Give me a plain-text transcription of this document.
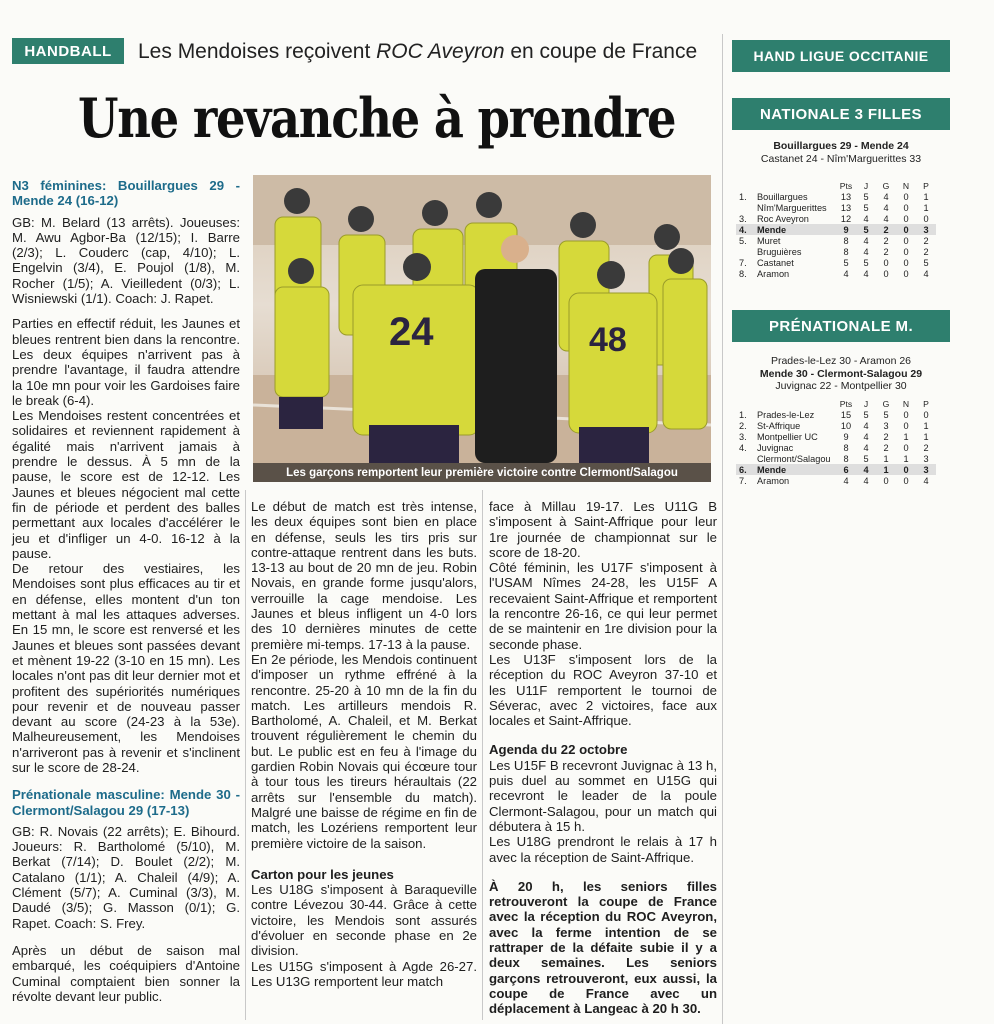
HANDBALL	Les Mendoises reçoivent ROC Aveyron en coupe de France
Une revanche à prendre

N3 féminines: Bouillargues 29 - Mende 24 (16-12)

GB: M. Belard (13 arrêts). Joueuses: M. Awu Agbor-Ba (12/15); I. Barre (2/3); L. Couderc (cap, 4/10); L. Engelvin (3/4), E. Poujol (1/8), M. Rocher (1/5); A. Vieilledent (0/3); L. Wisniewski (1/1). Coach: J. Rapet.

Parties en effectif réduit, les Jaunes et bleues rentrent bien dans la rencontre. Les deux équipes n'arrivent pas à prendre l'avantage, il faudra attendre la 10e mn pour voir les Gardoises faire le break (6-4).

Les Mendoises restent concentrées et solidaires et reviennent rapidement à égalité mais n'arrivent jamais à prendre le dessus. À 5 mn de la pause, le score est de 12-12. Les Jaunes et bleues négocient mal cette fin de période et perdent des balles permettant aux locales d'accélérer le jeu et d'infliger un 4-0. 16-12 à la pause.

De retour des vestiaires, les Mendoises sont plus efficaces au tir et en défense, elles montent d'un ton mettant à mal les attaques adverses. En 15 mn, le score est renversé et les Jaunes et bleues sont passées devant et mènent 19-22 (3-10 en 15 mn). Les locales n'ont pas dit leur dernier mot et profitent des supériorités numériques pour revenir et de nouveau passer devant au score (24-23 à la 53e). Malheureusement, les Mendoises n'arriveront pas à revenir et s'inclinent sur le score de 28-24.

Prénationale masculine: Mende 30 - Clermont/Salagou 29 (17-13)

GB: R. Novais (22 arrêts); E. Bihourd. Joueurs: R. Bartholomé (5/10), M. Berkat (7/14); D. Boulet (2/2); M. Catalano (1/1); A. Chaleil (4/9); A. Clément (5/7); A. Cuminal (3/3), M. Daudé (3/5); G. Masson (0/1); G. Rapet. Coach: S. Frey.

Après un début de saison mal embarqué, les coéquipiers d'Antoine Cuminal comptaient bien sonner la révolte devant leur public.

24	48
Les garçons remportent leur première victoire contre Clermont/Salagou

Le début de match est très intense, les deux équipes sont bien en place en défense, seuls les tirs pris sur contre-attaque rentrent dans les buts. 13-13 au bout de 20 mn de jeu. Robin Novais, en grande forme jusqu'alors, verrouille la cage mendoise. Les Jaunes et bleus infligent un 4-0 lors des 10 dernières minutes de cette première mi-temps. 17-13 à la pause.

En 2e période, les Mendois continuent d'imposer un rythme effréné à la rencontre. 25-20 à 10 mn de la fin du match. Les artilleurs mendois R. Bartholomé, A. Chaleil, et M. Berkat trouvent régulièrement le chemin du but. Le public est en feu à l'image du gardien Robin Novais qui écœure tour à tour tous les tireurs héraultais (22 arrêts sur l'ensemble du match). Malgré une baisse de régime en fin de match, les Lozériens remportent leur première victoire de la saison.

Carton pour les jeunes

Les U18G s'imposent à Baraqueville contre Lévezou 30-44. Grâce à cette victoire, les Mendois sont assurés d'évoluer en seconde phase en 2e division.

Les U15G s'imposent à Agde 26-27. Les U13G remportent leur match

face à Millau 19-17. Les U11G B s'imposent à Saint-Affrique pour leur 1re journée de championnat sur le score de 18-20.

Côté féminin, les U17F s'imposent à l'USAM Nîmes 24-28, les U15F A recevaient Saint-Affrique et remportent la rencontre 26-16, ce qui leur permet de se maintenir en 1re division pour la seconde phase.

Les U13F s'imposent lors de la réception du ROC Aveyron 37-10 et les U11F remportent le tournoi de Séverac, avec 2 victoires, face aux locales et Saint-Affrique.

Agenda du 22 octobre

Les U15F B recevront Juvignac à 13 h, puis duel au sommet en U15G qui recevront le leader de la poule Clermont-Salagou, pour un match qui débutera à 15 h.

Les U18G prendront le relais à 17 h avec la réception de Saint-Affrique.

À 20 h, les seniors filles retrouveront la coupe de France avec la réception du ROC Aveyron, avec la ferme intention de se rattraper de la défaite subie il y a deux semaines. Les seniors garçons retrouveront, eux aussi, la coupe de France avec un déplacement à Langeac à 20 h 30.

HAND LIGUE OCCITANIE
NATIONALE 3 FILLES
Bouillargues 29 - Mende 24
Castanet 24 - Nîm'Marguerittes 33
		Pts	J	G	N	P
1.	Bouillargues	13	5	4	0	1
	Nîm'Marguerittes	13	5	4	0	1
3.	Roc Aveyron	12	4	4	0	0
4.	Mende	9	5	2	0	3
5.	Muret	8	4	2	0	2
	Bruguières	8	4	2	0	2
7.	Castanet	5	5	0	0	5
8.	Aramon	4	4	0	0	4
PRÉNATIONALE M.
Prades-le-Lez 30 - Aramon 26
Mende 30 - Clermont-Salagou 29
Juvignac 22 - Montpellier 30
		Pts	J	G	N	P
1.	Prades-le-Lez	15	5	5	0	0
2.	St-Affrique	10	4	3	0	1
3.	Montpellier UC	9	4	2	1	1
4.	Juvignac	8	4	2	0	2
	Clermont/Salagou	8	5	1	1	3
6.	Mende	6	4	1	0	3
7.	Aramon	4	4	0	0	4
